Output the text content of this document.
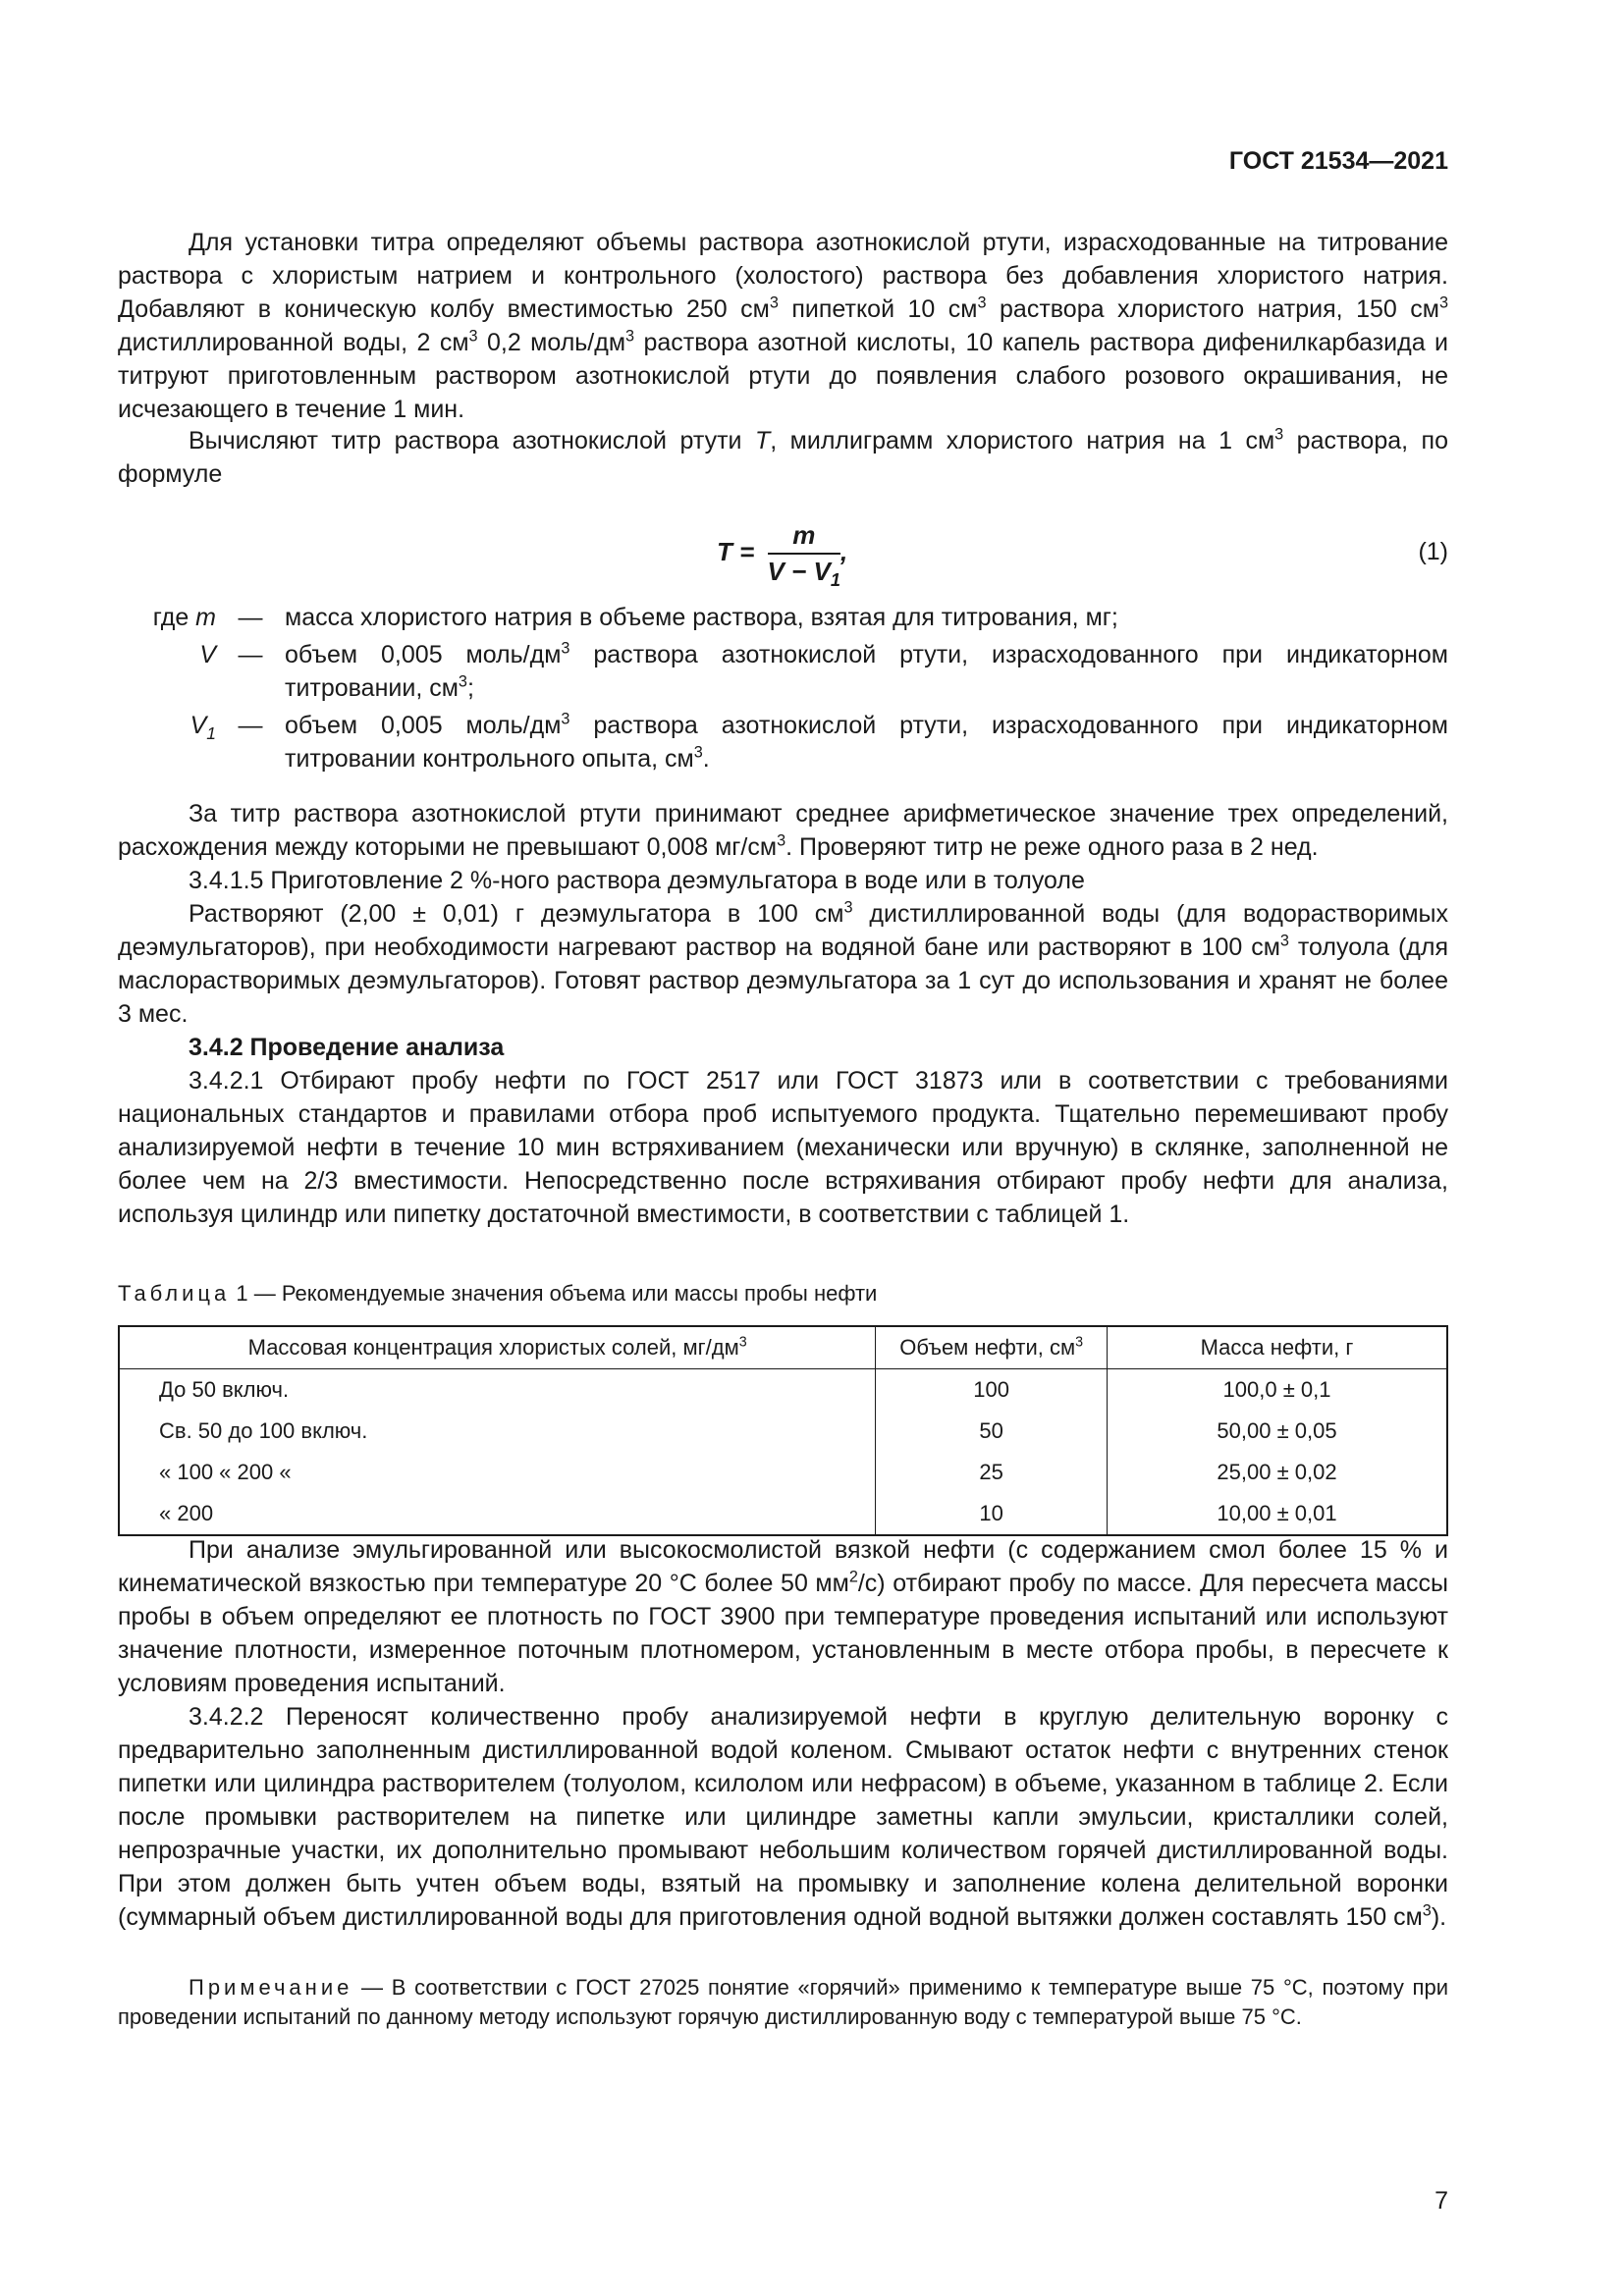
ГОСТ 21534—2021

Для установки титра определяют объемы раствора азотнокислой ртути, израсходованные на титрование раствора с хлористым натрием и контрольного (холостого) раствора без добавления хлористого натрия. Добавляют в коническую колбу вместимостью 250 $см^3$ пипеткой 10 $см^3$ раствора хлористого натрия, 150 $см^3$ дистиллированной воды, 2 $см^3$ 0,2 моль/$дм^3$ раствора азотной кислоты, 10 капель раствора дифенилкарбазида и титруют приготовленным раствором азотнокислой ртути до появления слабого розового окрашивания, не исчезающего в течение 1 мин.

Вычисляют титр раствора азотнокислой ртути T, миллиграмм хлористого натрия на 1 $см^3$ раствора, по формуле

$T = \frac{m}{V - V_1}$ ,	(1)
где m — масса хлористого натрия в объеме раствора, взятая для титрования, мг;
V — объем 0,005 моль/$дм^3$ раствора азотнокислой ртути, израсходованного при индикаторном титровании, $см^3$;
$V_1$ — объем 0,005 моль/$дм^3$ раствора азотнокислой ртути, израсходованного при индикаторном титровании контрольного опыта, $см^3$.

За титр раствора азотнокислой ртути принимают среднее арифметическое значение трех определений, расхождения между которыми не превышают 0,008 $мг/см^3$. Проверяют титр не реже одного раза в 2 нед.

3.4.1.5 Приготовление 2 %-ного раствора деэмульгатора в воде или в толуоле

Растворяют (2,00 ± 0,01) г деэмульгатора в 100 $см^3$ дистиллированной воды (для водорастворимых деэмульгаторов), при необходимости нагревают раствор на водяной бане или растворяют в 100 $см^3$ толуола (для маслорастворимых деэмульгаторов). Готовят раствор деэмульгатора за 1 сут до использования и хранят не более 3 мес.

3.4.2 Проведение анализа

3.4.2.1 Отбирают пробу нефти по ГОСТ 2517 или ГОСТ 31873 или в соответствии с требованиями национальных стандартов и правилами отбора проб испытуемого продукта. Тщательно перемешивают пробу анализируемой нефти в течение 10 мин встряхиванием (механически или вручную) в склянке, заполненной не более чем на 2/3 вместимости. Непосредственно после встряхивания отбирают пробу нефти для анализа, используя цилиндр или пипетку достаточной вместимости, в соответствии с таблицей 1.

Таблица 1 — Рекомендуемые значения объема или массы пробы нефти
Массовая концентрация хлористых солей, $мг/дм^3$	Объем нефти, $см^3$	Масса нефти, г
До 50 включ.	100	100,0 ± 0,1
Св. 50 до 100 включ.	50	50,00 ± 0,05
« 100 « 200 «	25	25,00 ± 0,02
« 200	10	10,00 ± 0,01

При анализе эмульгированной или высокосмолистой вязкой нефти (с содержанием смол более 15 % и кинематической вязкостью при температуре 20 °С более 50 $мм^2/с$) отбирают пробу по массе. Для пересчета массы пробы в объем определяют ее плотность по ГОСТ 3900 при температуре проведения испытаний или используют значение плотности, измеренное поточным плотномером, установленным в месте отбора пробы, в пересчете к условиям проведения испытаний.

3.4.2.2 Переносят количественно пробу анализируемой нефти в круглую делительную воронку с предварительно заполненным дистиллированной водой коленом. Смывают остаток нефти с внутренних стенок пипетки или цилиндра растворителем (толуолом, ксилолом или нефрасом) в объеме, указанном в таблице 2. Если после промывки растворителем на пипетке или цилиндре заметны капли эмульсии, кристаллики солей, непрозрачные участки, их дополнительно промывают небольшим количеством горячей дистиллированной воды. При этом должен быть учтен объем воды, взятый на промывку и заполнение колена делительной воронки (суммарный объем дистиллированной воды для приготовления одной водной вытяжки должен составлять 150 $см^3$).

Примечание — В соответствии с ГОСТ 27025 понятие «горячий» применимо к температуре выше 75 °С, поэтому при проведении испытаний по данному методу используют горячую дистиллированную воду с температурой выше 75 °С.
7
